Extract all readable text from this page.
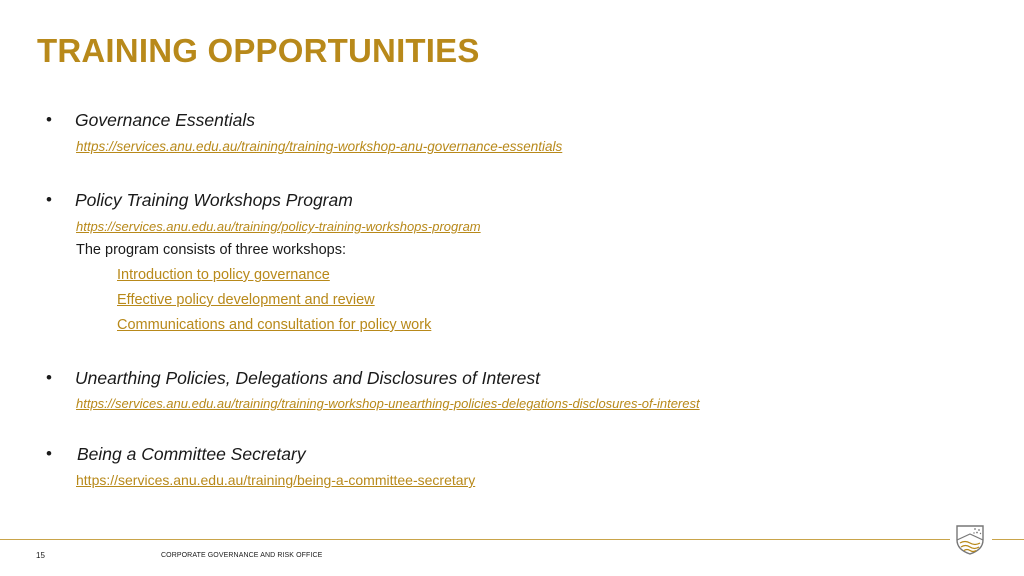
TRAINING OPPORTUNITIES
• Governance Essentials
https://services.anu.edu.au/training/training-workshop-anu-governance-essentials
• Policy Training Workshops Program
https://services.anu.edu.au/training/policy-training-workshops-program
The program consists of three workshops:
Introduction to policy governance
Effective policy development and review
Communications and consultation for policy work
• Unearthing Policies, Delegations and Disclosures of Interest
https://services.anu.edu.au/training/training-workshop-unearthing-policies-delegations-disclosures-of-interest
• Being a Committee Secretary
https://services.anu.edu.au/training/being-a-committee-secretary
15	CORPORATE GOVERNANCE AND RISK OFFICE
